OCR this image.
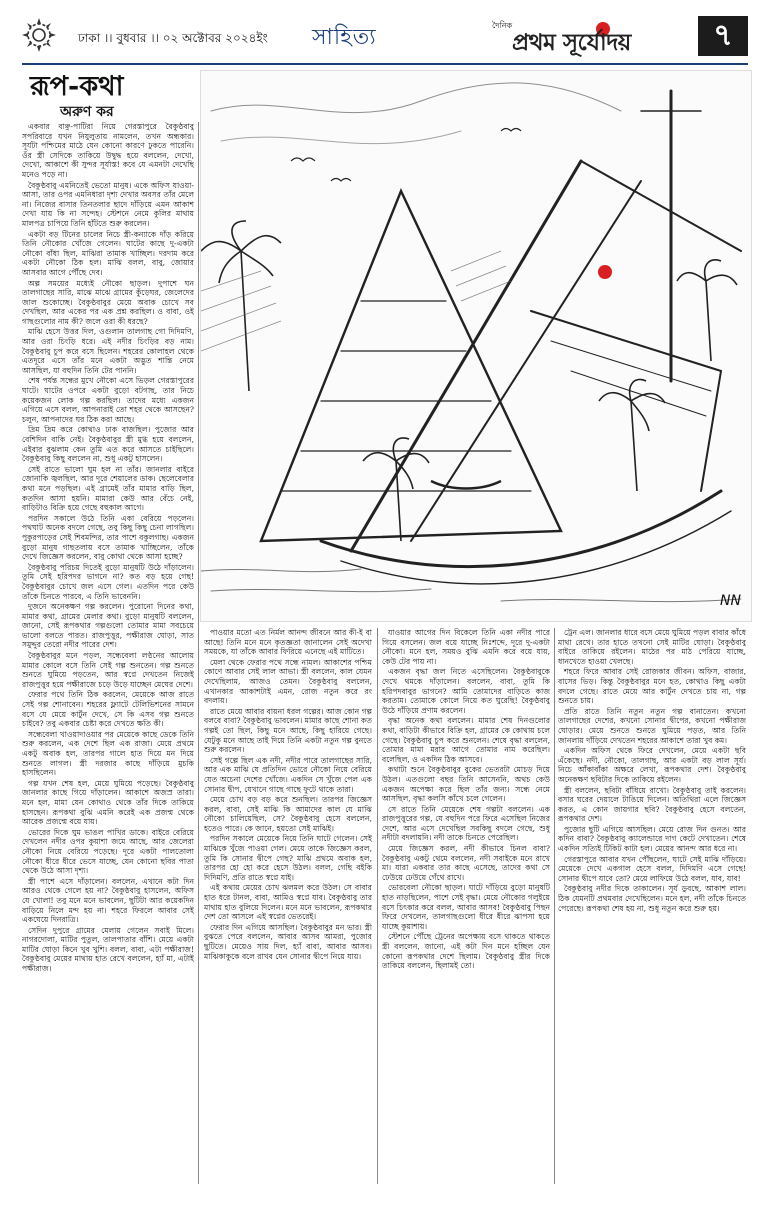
ঢাকা ।। বুধবার ।। ০২ অক্টোবর ২০২৪ইং সাহিত্য	দৈনিক
প্রথম সূর্যোদয়	৭
রূপ-কথা
অরুণ কর
NN

একবার বাঞ্ছ-পাটিরা নিয়ে গেরস্তাপুরে বৈকুণ্ঠবাবু সপরিবারে যখন নিযুলুতায় নামলেন, তখন অন্ধকার। সূর্যটা পশ্চিমের মাঠে যেন কোনো কারণে ঢুকতে পারেনি। ওঁর স্ত্রী সেদিকে তাকিয়ে উদ্বুদ্ধ হয়ে বললেন, দেখো, দেখো, আকাশে কী সুন্দর সূর্যাস্ত! কবে যে এমনটা দেখেছি মনেও পড়ে না।

বৈকুণ্ঠবাবু এমনিতেই ভেতো মানুষ। একে অফিস যাওয়া-আসা, তার ওপর এমনিধারা দৃশ্য দেখার অবসর তাঁর মেলে না। নিজের বাসার তিনতলার ছাদে দাঁড়িয়ে এমন আকাশ দেখা যায় কি না সন্দেহ। স্টেশনে নেমে কুলির মাথায় মালপত্র চাপিয়ে তিনি হাঁটতে শুরু করলেন।

একটা বড় টিনের চালের নিচে স্ত্রী-কন্যাকে দাঁড় করিয়ে তিনি নৌকোর খোঁজে গেলেন। ঘাটের কাছে দু-একটা নৌকো বাঁধা ছিল, মাঝিরা তামাক খাচ্ছিল। দরদাম করে একটা নৌকো ঠিক হল। মাঝি বলল, বাবু, জোয়ার আসবার আগে পৌঁছে দেব।

অল্প সময়ের মধ্যেই নৌকো ছাড়ল। দুপাশে ঘন তালগাছের সারি, মাঝে মাঝে গ্রামের কুঁড়েঘর, জেলেদের জাল শুকোচ্ছে। বৈকুণ্ঠবাবুর মেয়ে অবাক চোখে সব দেখছিল, আর একের পর এক প্রশ্ন করছিল। ও বাবা, ওই গাছগুলোর নাম কী? জলে ওরা কী ধরছে?

মাঝি হেসে উত্তর দিল, ওগুলান তালগাছ গো দিদিমণি, আর ওরা চিংড়ি ধরে। এই নদীর চিংড়ির বড় নাম। বৈকুণ্ঠবাবু চুপ করে বসে ছিলেন। শহরের কোলাহল থেকে এতদূরে এসে তাঁর মনে একটা অদ্ভুত শান্তি নেমে আসছিল, যা বহুদিন তিনি টের পাননি।

শেষ পর্যন্ত সন্ধের মুখে নৌকো এসে ভিড়ল গেরস্তাপুরের ঘাটে। ঘাটের ওপরে একটা বুড়ো বটগাছ, তার নিচে কয়েকজন লোক গল্প করছিল। তাদের মধ্যে একজন এগিয়ে এসে বলল, আপনারাই তো শহর থেকে আসছেন? চলুন, আপনাদের ঘর ঠিক করা আছে।

দ্রিম দ্রিম করে কোথাও ঢাক বাজছিল। পুজোর আর বেশিদিন বাকি নেই। বৈকুণ্ঠবাবুর স্ত্রী মুগ্ধ হয়ে বললেন, এইবার বুঝলাম কেন তুমি এত করে আসতে চাইছিলে। বৈকুণ্ঠবাবু কিছু বললেন না, শুধু একটু হাসলেন।

সেই রাতে ভালো ঘুম হল না তাঁর। জানলার বাইরে জোনাকি জ্বলছিল, আর দূরে শেয়ালের ডাক। ছেলেবেলার কথা মনে পড়ছিল। এই গ্রামেই তাঁর মামার বাড়ি ছিল, কতদিন আসা হয়নি। মামারা কেউ আর বেঁচে নেই, বাড়িটাও বিক্রি হয়ে গেছে বহুকাল আগে।

পরদিন সকালে উঠে তিনি একা বেরিয়ে পড়লেন। পথঘাট অনেক বদলে গেছে, তবু কিছু কিছু চেনা লাগছিল। পুকুরপাড়ের সেই শিবমন্দির, তার পাশে বকুলগাছ। একজন বুড়ো মানুষ গাছতলায় বসে তামাক খাচ্ছিলেন, তাঁকে দেখে জিজ্ঞেস করলেন, বাবু কোথা থেকে আসা হচ্ছে?

বৈকুণ্ঠবাবু পরিচয় দিতেই বুড়ো মানুষটি উঠে দাঁড়ালেন। তুমি সেই হরিপদর ভাগনে না? কত বড় হয়ে গেছ! বৈকুণ্ঠবাবুর চোখে জল এসে গেল। এতদিন পরে কেউ তাঁকে চিনতে পারবে, এ তিনি ভাবেননি।

দুজনে অনেকক্ষণ গল্প করলেন। পুরোনো দিনের কথা, মামার কথা, গ্রামের মেলার কথা। বুড়ো মানুষটি বললেন, জানো, সেই রূপকথার গল্পগুলো তোমার মামা সবচেয়ে ভালো বলতে পারত। রাজপুত্তুর, পক্ষীরাজ ঘোড়া, সাত সমুদ্দুর তেরো নদীর পারের দেশ।

বৈকুণ্ঠবাবুর মনে পড়ল, সন্ধেবেলা লণ্ঠনের আলোয় মামার কোলে বসে তিনি সেই গল্প শুনতেন। গল্প শুনতে শুনতে ঘুমিয়ে পড়তেন, আর স্বপ্নে দেখতেন নিজেই রাজপুত্তুর হয়ে পক্ষীরাজে চড়ে উড়ে যাচ্ছেন মেঘের দেশে।

ফেরার পথে তিনি ঠিক করলেন, মেয়েকে আজ রাতে সেই গল্প শোনাবেন। শহরের ফ্ল্যাটে টেলিভিশনের সামনে বসে যে মেয়ে কার্টুন দেখে, সে কি এসব গল্প শুনতে চাইবে? তবু একবার চেষ্টা করে দেখতে ক্ষতি কী।

সন্ধেবেলা খাওয়াদাওয়ার পর মেয়েকে কাছে ডেকে তিনি শুরু করলেন, এক দেশে ছিল এক রাজা। মেয়ে প্রথমে একটু অবাক হল, তারপর গালে হাত দিয়ে মন দিয়ে শুনতে লাগল। স্ত্রী দরজার কাছে দাঁড়িয়ে মুচকি হাসছিলেন।

গল্প যখন শেষ হল, মেয়ে ঘুমিয়ে পড়েছে। বৈকুণ্ঠবাবু জানলার কাছে গিয়ে দাঁড়ালেন। আকাশে অজস্র তারা। মনে হল, মামা যেন কোথাও থেকে তাঁর দিকে তাকিয়ে হাসছেন। রূপকথা বুঝি এমনি করেই এক প্রজন্ম থেকে আরেক প্রজন্মে বয়ে যায়।

ভোরের দিকে ঘুম ভাঙল পাখির ডাকে। বাইরে বেরিয়ে দেখলেন নদীর ওপর কুয়াশা জমে আছে, আর জেলেরা নৌকো নিয়ে বেরিয়ে পড়েছে। দূরে একটা পালতোলা নৌকো ধীরে ধীরে ভেসে যাচ্ছে, যেন কোনো ছবির পাতা থেকে উঠে আসা দৃশ্য।

স্ত্রী পাশে এসে দাঁড়ালেন। বললেন, এখানে কটা দিন আরও থেকে গেলে হয় না? বৈকুণ্ঠবাবু হাসলেন, অফিস যে খোলা! তবু মনে মনে ভাবলেন, ছুটিটা আর কয়েকদিন বাড়িয়ে নিলে মন্দ হয় না। শহরে ফিরলে আবার সেই একঘেয়ে দিনরাত্রি।

সেদিন দুপুরে গ্রামের মেলায় গেলেন সবাই মিলে। নাগরদোলা, মাটির পুতুল, তালপাতার বাঁশি। মেয়ে একটা মাটির ঘোড়া কিনে খুব খুশি। বলল, বাবা, এটা পক্ষীরাজ! বৈকুণ্ঠবাবু মেয়ের মাথায় হাত রেখে বললেন, হ্যাঁ মা, এটাই পক্ষীরাজ।

পাওয়ার মতো এত নির্মল আনন্দ জীবনে আর কী-ই বা আছে! তিনি মনে মনে কৃতজ্ঞতা জানালেন সেই অদেখা সময়কে, যা তাঁকে আবার ফিরিয়ে এনেছে এই মাটিতে।

মেলা থেকে ফেরার পথে সন্ধে নামল। আকাশের পশ্চিম কোণে আবার সেই লাল আভা। স্ত্রী বললেন, কাল যেমন দেখেছিলাম, আজও তেমন। বৈকুণ্ঠবাবু বললেন, এখানকার আকাশটাই এমন, রোজ নতুন করে রং বদলায়।

রাতে মেয়ে আবার বায়না ধরল গল্পের। আজ কোন গল্প বলবে বাবা? বৈকুণ্ঠবাবু ভাবলেন। মামার কাছে শোনা কত গল্পই তো ছিল, কিছু মনে আছে, কিছু হারিয়ে গেছে। যেটুকু মনে আছে তাই দিয়ে তিনি একটা নতুন গল্প বুনতে শুরু করলেন।

সেই গল্পে ছিল এক নদী, নদীর পারে তালগাছের সারি, আর এক মাঝি যে প্রতিদিন ভোরে নৌকো নিয়ে বেরিয়ে যেত অচেনা দেশের খোঁজে। একদিন সে খুঁজে পেল এক সোনার দ্বীপ, যেখানে গাছে গাছে ফুটে থাকে তারা।

মেয়ে চোখ বড় বড় করে শুনছিল। তারপর জিজ্ঞেস করল, বাবা, সেই মাঝি কি আমাদের কাল যে মাঝি নৌকো চালিয়েছিল, সে? বৈকুণ্ঠবাবু হেসে বললেন, হতেও পারে। কে জানে, হয়তো সেই মাঝিই।

পরদিন সকালে মেয়েকে নিয়ে তিনি ঘাটে গেলেন। সেই মাঝিকে খুঁজে পাওয়া গেল। মেয়ে তাকে জিজ্ঞেস করল, তুমি কি সোনার দ্বীপে গেছ? মাঝি প্রথমে অবাক হল, তারপর হো হো করে হেসে উঠল। বলল, গেছি বইকি দিদিমণি, প্রতি রাতে স্বপ্নে যাই।

এই কথায় মেয়ের চোখ ঝলমল করে উঠল। সে বাবার হাত ধরে টানল, বাবা, আমিও স্বপ্নে যাব। বৈকুণ্ঠবাবু তার মাথায় হাত বুলিয়ে দিলেন। মনে মনে ভাবলেন, রূপকথার দেশ তো আসলে এই স্বপ্নের ভেতরেই।

ফেরার দিন এগিয়ে আসছিল। বৈকুণ্ঠবাবুর মন ভার। স্ত্রী বুঝতে পেরে বললেন, আবার আসব আমরা, পুজোর ছুটিতে। মেয়েও সায় দিল, হ্যাঁ বাবা, আবার আসব। মাঝিকাকুকে বলে রাখব যেন সোনার দ্বীপে নিয়ে যায়।

যাওয়ার আগের দিন বিকেলে তিনি একা নদীর পারে গিয়ে বসলেন। জল বয়ে যাচ্ছে নিঃশব্দে, দূরে দু-একটা নৌকো। মনে হল, সময়ও বুঝি এমনি করে বয়ে যায়, কেউ টের পায় না।

একজন বৃদ্ধা জল নিতে এসেছিলেন। বৈকুণ্ঠবাবুকে দেখে থমকে দাঁড়ালেন। বললেন, বাবা, তুমি কি হরিপদবাবুর ভাগনে? আমি তোমাদের বাড়িতে কাজ করতাম। তোমাকে কোলে নিয়ে কত ঘুরেছি! বৈকুণ্ঠবাবু উঠে দাঁড়িয়ে প্রণাম করলেন।

বৃদ্ধা অনেক কথা বললেন। মামার শেষ দিনগুলোর কথা, বাড়িটা কীভাবে বিক্রি হল, গ্রামের কে কোথায় চলে গেছে। বৈকুণ্ঠবাবু চুপ করে শুনলেন। শেষে বৃদ্ধা বললেন, তোমার মামা মরার আগে তোমার নাম করেছিল। বলেছিল, ও একদিন ঠিক আসবে।

কথাটা শুনে বৈকুণ্ঠবাবুর বুকের ভেতরটা মোচড় দিয়ে উঠল। এতগুলো বছর তিনি আসেননি, অথচ কেউ একজন অপেক্ষা করে ছিল তাঁর জন্য। সন্ধে নেমে আসছিল, বৃদ্ধা কলসি কাঁখে চলে গেলেন।

সে রাতে তিনি মেয়েকে শেষ গল্পটা বললেন। এক রাজপুত্তুরের গল্প, যে বহুদিন পরে ফিরে এসেছিল নিজের দেশে, আর এসে দেখেছিল সবকিছু বদলে গেছে, শুধু নদীটা বদলায়নি। নদী তাকে চিনতে পেরেছিল।

মেয়ে জিজ্ঞেস করল, নদী কীভাবে চিনল বাবা? বৈকুণ্ঠবাবু একটু থেমে বললেন, নদী সবাইকে মনে রাখে মা। যারা একবার তার কাছে এসেছে, তাদের কথা সে ঢেউয়ে ঢেউয়ে গেঁথে রাখে।

ভোরবেলা নৌকো ছাড়ল। ঘাটে দাঁড়িয়ে বুড়ো মানুষটি হাত নাড়ছিলেন, পাশে সেই বৃদ্ধা। মেয়ে নৌকোর গলুইয়ে বসে চিৎকার করে বলল, আবার আসব! বৈকুণ্ঠবাবু পিছন ফিরে দেখলেন, তালগাছগুলো ধীরে ধীরে ঝাপসা হয়ে যাচ্ছে কুয়াশায়।

স্টেশনে পৌঁছে ট্রেনের অপেক্ষায় বসে থাকতে থাকতে স্ত্রী বললেন, জানো, এই কটা দিন মনে হচ্ছিল যেন কোনো রূপকথার দেশে ছিলাম। বৈকুণ্ঠবাবু স্ত্রীর দিকে তাকিয়ে বললেন, ছিলামই তো।

ট্রেন এল। জানলার ধারে বসে মেয়ে ঘুমিয়ে পড়ল বাবার কাঁধে মাথা রেখে। তার হাতে তখনো সেই মাটির ঘোড়া। বৈকুণ্ঠবাবু বাইরে তাকিয়ে রইলেন। মাঠের পর মাঠ পেরিয়ে যাচ্ছে, ধানখেতে হাওয়া খেলছে।

শহরে ফিরে আবার সেই রোজকার জীবন। অফিস, বাজার, বাসের ভিড়। কিন্তু বৈকুণ্ঠবাবুর মনে হত, কোথাও কিছু একটা বদলে গেছে। রাতে মেয়ে আর কার্টুন দেখতে চায় না, গল্প শুনতে চায়।

প্রতি রাতে তিনি নতুন নতুন গল্প বানাতেন। কখনো তালগাছের দেশের, কখনো সোনার দ্বীপের, কখনো পক্ষীরাজ ঘোড়ার। মেয়ে শুনতে শুনতে ঘুমিয়ে পড়ত, আর তিনি জানলায় দাঁড়িয়ে দেখতেন শহরের আকাশে তারা খুব কম।

একদিন অফিস থেকে ফিরে দেখলেন, মেয়ে একটা ছবি এঁকেছে। নদী, নৌকো, তালগাছ, আর একটা বড় লাল সূর্য। নিচে আঁকাবাঁকা অক্ষরে লেখা, রূপকথার দেশ। বৈকুণ্ঠবাবু অনেকক্ষণ ছবিটার দিকে তাকিয়ে রইলেন।

স্ত্রী বললেন, ছবিটা বাঁধিয়ে রাখো। বৈকুণ্ঠবাবু তাই করলেন। বসার ঘরের দেয়ালে টাঙিয়ে দিলেন। অতিথিরা এলে জিজ্ঞেস করত, এ কোন জায়গার ছবি? বৈকুণ্ঠবাবু হেসে বলতেন, রূপকথার দেশ।

পুজোর ছুটি এগিয়ে আসছিল। মেয়ে রোজ দিন গুনত। আর কদিন বাবা? বৈকুণ্ঠবাবু ক্যালেন্ডারে দাগ কেটে দেখাতেন। শেষে একদিন সত্যিই টিকিট কাটা হল। মেয়ের আনন্দ আর ধরে না।

গেরস্তাপুরে আবার যখন পৌঁছলেন, ঘাটে সেই মাঝি দাঁড়িয়ে। মেয়েকে দেখে একগাল হেসে বলল, দিদিমণি এসে গেছে! সোনার দ্বীপে যাবে তো? মেয়ে লাফিয়ে উঠে বলল, যাব, যাব!

বৈকুণ্ঠবাবু নদীর দিকে তাকালেন। সূর্য ডুবছে, আকাশ লাল। ঠিক যেমনটি প্রথমবার দেখেছিলেন। মনে হল, নদী তাঁকে চিনতে পেরেছে। রূপকথা শেষ হয় না, শুধু নতুন করে শুরু হয়।
